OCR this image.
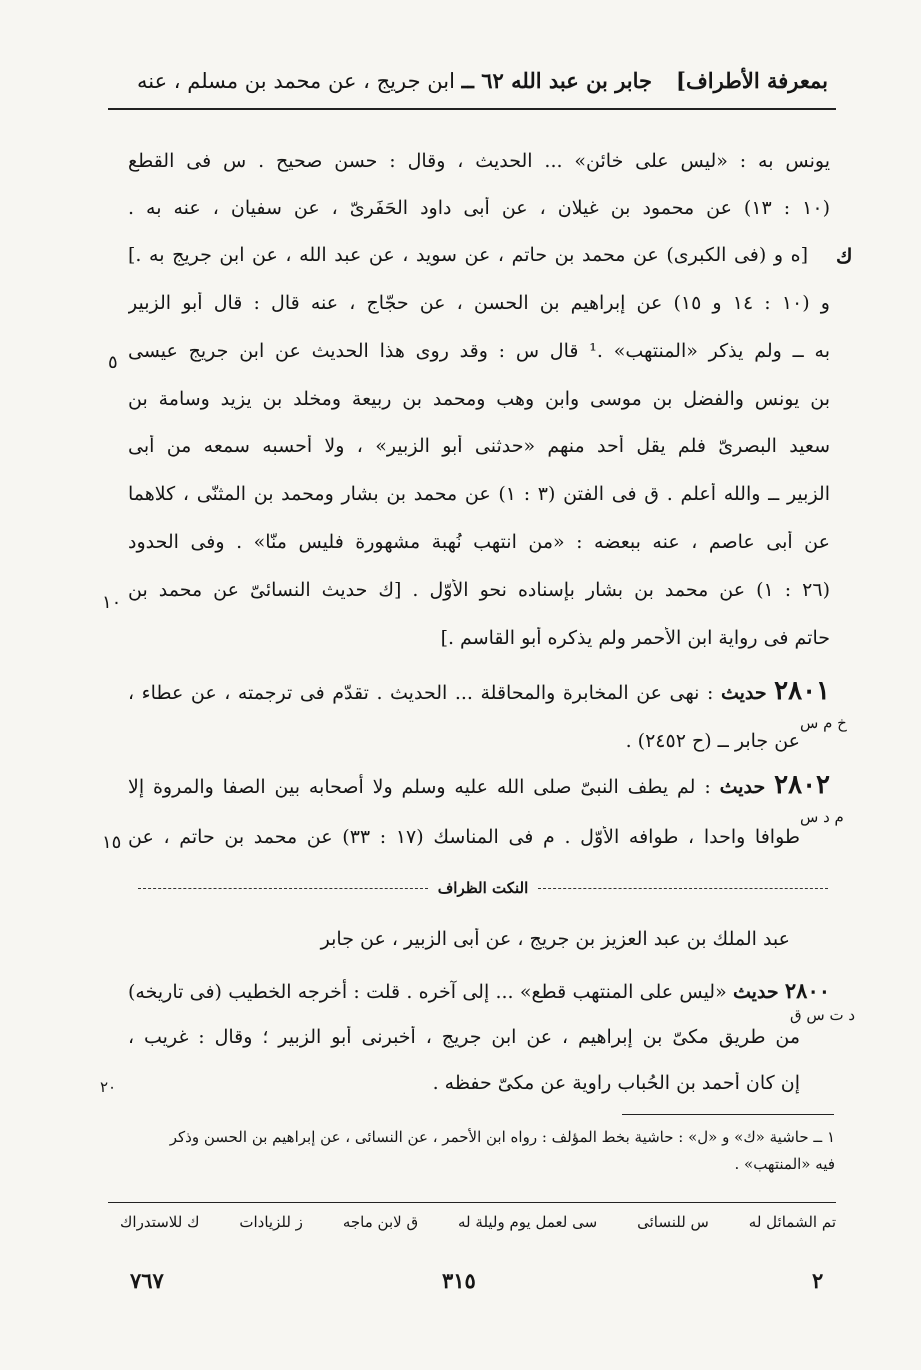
بمعرفة الأطراف]
جابر بن عبد الله ٦٢ ــ ابن جريج ، عن محمد بن مسلم ، عنه
يونس به : «ليس على خائن» ... الحديث ، وقال : حسن صحيح . س فى القطع
(١٠ : ١٣) عن محمود بن غيلان ، عن أبى داود الحَفَرىّ ، عن سفيان ، عنه به .
[ه و (فى الكبرى) عن محمد بن حاتم ، عن سويد ، عن عبد الله ، عن ابن جريج به .]
و (١٠ : ١٤ و ١٥) عن إبراهيم بن الحسن ، عن حجّاج ، عنه قال : قال أبو الزبير
به ــ ولم يذكر «المنتهب» .¹ قال س : وقد روى هذا الحديث عن ابن جريج عيسى
بن يونس والفضل بن موسى وابن وهب ومحمد بن ربيعة ومخلد بن يزيد وسامة بن
سعيد البصرىّ فلم يقل أحد منهم «حدثنى أبو الزبير» ، ولا أحسبه سمعه من أبى
الزبير ــ والله أعلم . ق فى الفتن (٣ : ١) عن محمد بن بشار ومحمد بن المثنّى ، كلاهما
عن أبى عاصم ، عنه ببعضه : «من انتهب نُهبة مشهورة فليس منّا» . وفى الحدود
(٢٦ : ١) عن محمد بن بشار بإسناده نحو الأوّل . [ك حديث النسائىّ عن محمد بن
حاتم فى رواية ابن الأحمر ولم يذكره أبو القاسم .]
ك
٥
١٠
١٥
٢٠
٢٨٠١ حديث : نهى عن المخابرة والمحاقلة ... الحديث . تقدّم فى ترجمته ، عن عطاء ،
عن جابر ــ (ح ٢٤٥٢) .
خ م س
٢٨٠٢ حديث : لم يطف النبىّ صلى الله عليه وسلم ولا أصحابه بين الصفا والمروة إلا
طوافا واحدا ، طوافه الأوّل . م فى المناسك (١٧ : ٣٣) عن محمد بن حاتم ، عن
م د س
النكت الظراف
عبد الملك بن عبد العزيز بن جريج ، عن أبى الزبير ، عن جابر
٢٨٠٠ حديث «ليس على المنتهب قطع» ... إلى آخره . قلت : أخرجه الخطيب (فى تاريخه)
من طريق مكىّ بن إبراهيم ، عن ابن جريج ، أخبرنى أبو الزبير ؛ وقال : غريب ،
إن كان أحمد بن الحُباب راوية عن مكىّ حفظه .
د ت س ق
١ ــ حاشية «ك» و «ل» : حاشية بخط المؤلف : رواه ابن الأحمر ، عن النسائى ، عن إبراهيم بن الحسن وذكر
فيه «المنتهب» .
تم الشمائل له
س للنسائى
سى لعمل يوم وليلة له
ق لابن ماجه
ز للزيادات
ك للاستدراك
٢
٣١٥
٧٦٧
